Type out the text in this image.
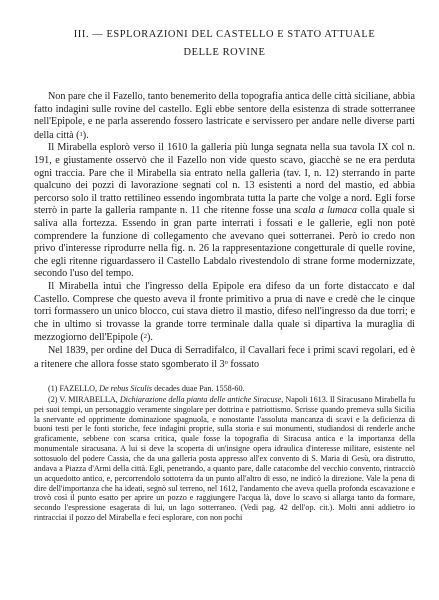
III. — ESPLORAZIONI DEL CASTELLO E STATO ATTUALE
DELLE ROVINE

Non pare che il Fazello, tanto benemerito della topografia antica delle città siciliane, abbia fatto indagini sulle rovine del castello. Egli ebbe sentore della esistenza di strade sotterranee nell'Epipole, e ne parla asserendo fossero lastricate e servissero per andare nelle diverse parti della città (1).

Il Mirabella esplorò verso il 1610 la galleria più lunga segnata nella sua tavola IX col n. 191, e giustamente osservò che il Fazello non vide questo scavo, giacchè se ne era perduta ogni traccia. Pare che il Mirabella sia entrato nella galleria (tav. I, n. 12) sterrando in parte qualcuno dei pozzi di lavorazione segnati col n. 13 esistenti a nord del mastio, ed abbia percorso solo il tratto rettilineo essendo ingombrata tutta la parte che volge a nord. Egli forse sterrò in parte la galleria rampante n. 11 che ritenne fosse una scala a lumaca colla quale si saliva alla fortezza. Essendo in gran parte interrati i fossati e le gallerie, egli non potè comprendere la funzione di collegamento che avevano quei sotterranei. Però io credo non privo d'interesse riprodurre nella fig. n. 26 la rappresentazione congetturale di quelle rovine, che egli ritenne riguardassero il Castello Labdalo rivestendolo di strane forme modernizzate, secondo l'uso del tempo.

Il Mirabella intuì che l'ingresso della Epipole era difeso da un forte distaccato e dal Castello. Comprese che questo aveva il fronte primitivo a prua di nave e credè che le cinque torri formassero un unico blocco, cui stava dietro il mastio, difeso nell'ingresso da due torri; e che in ultimo si trovasse la grande torre terminale dalla quale si dipartiva la muraglia di mezzogiorno dell'Epipole (2).

Nel 1839, per ordine del Duca di Serradifalco, il Cavallari fece i primi scavi regolari, ed è a ritenere che allora fosse stato sgomberato il 3$^o$ fossato

(1) FAZELLO, De rebus Siculis decades duae Pan. 1558-60.

(2) V. MIRABELLA, Dichiarazione della pianta delle antiche Siracuse, Napoli 1613. Il Siracusano Mirabella fu pei suoi tempi, un personaggio veramente singolare per dottrina e patriottismo. Scrisse quando premeva sulla Sicilia la snervante ed opprimente dominazione spagnuola, e nonostante l'assoluta mancanza di scavi e la deficienza di buoni testi per le fonti storiche, fece indagini proprie, sulla storia e sui monumenti, studiandosi di renderle anche graficamente, sebbene con scarsa critica, quale fosse la topografia di Siracusa antica e la importanza della monumentale siracusana. A lui si deve la scoperta di un'insigne opera idraulica d'interesse militare, esistente nel sottosuolo del podere Cassia, che da una galleria posta appresso all'ex convento di S. Maria di Gesù, ora distrutto, andava a Piazza d'Armi della città. Egli, penetrando, a quanto pare, dalle catacombe del vecchio convento, rintracciò un acquedotto antico, e, percorrendolo sottoterra da un punto all'altro di esso, ne indicò la direzione. Vale la pena di dire dell'importanza che ha ideati, segnò sul terreno, nel 1612, l'andamento che aveva quella profonda escavazione e trovò così il punto esatto per aprire un pozzo e raggiungere l'acqua là, dove lo scavo si allarga tanto da formare, secondo l'espressione esagerata di lui, un lago sotterraneo. (Vedi pag. 42 dell'op. cit.). Molti anni addietro io rintracciai il pozzo del Mirabella e feci esplorare, con non pochi
